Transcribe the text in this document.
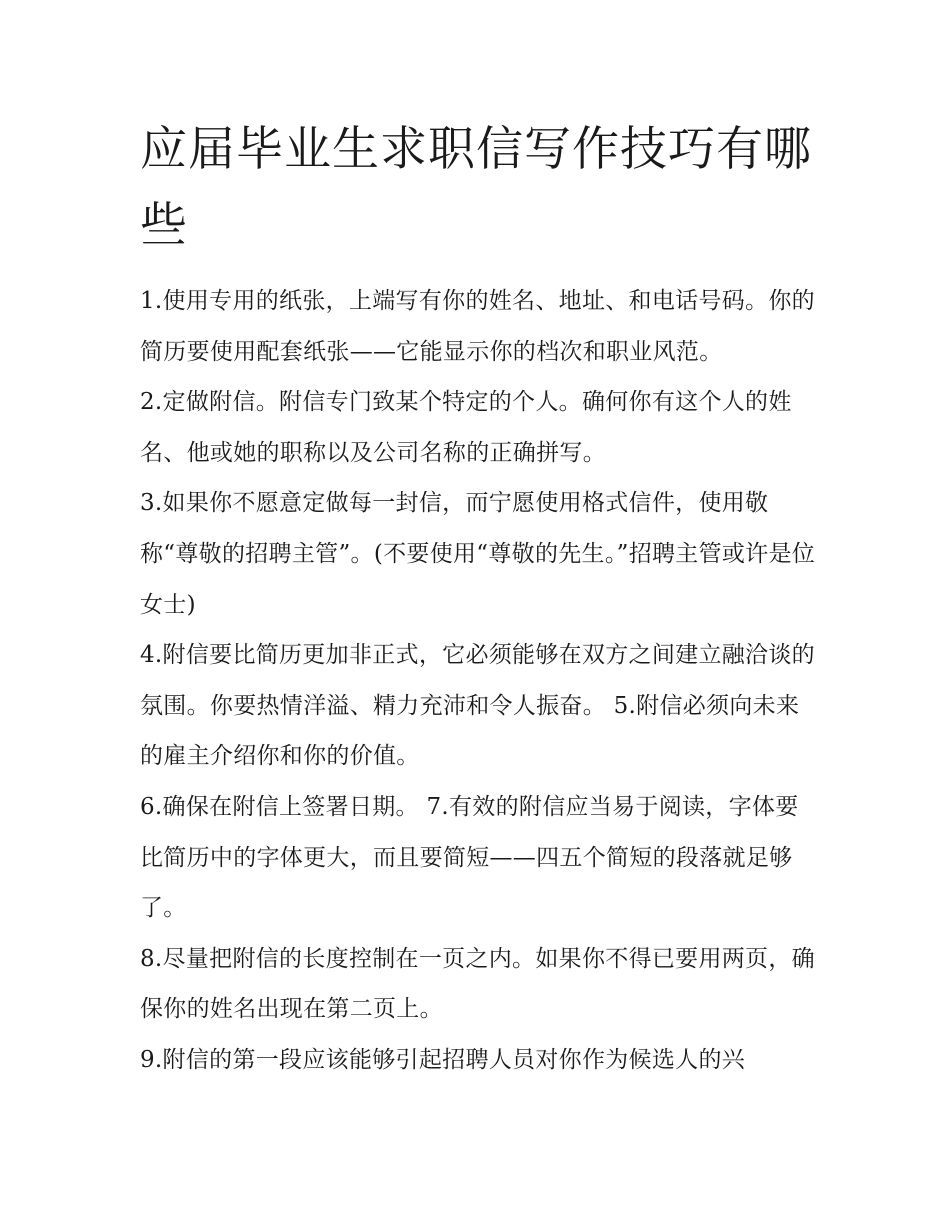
应届毕业生求职信写作技巧有哪些

1.使用专用的纸张，上端写有你的姓名、地址、和电话号码。你的简历要使用配套纸张——它能显示你的档次和职业风范。

2.定做附信。附信专门致某个特定的个人。确何你有这个人的姓名、他或她的职称以及公司名称的正确拼写。

3.如果你不愿意定做每一封信，而宁愿使用格式信件，使用敬称“尊敬的招聘主管”。(不要使用“尊敬的先生。”招聘主管或许是位女士)

4.附信要比简历更加非正式，它必须能够在双方之间建立融洽谈的氛围。你要热情洋溢、精力充沛和令人振奋。 5.附信必须向未来的雇主介绍你和你的价值。

6.确保在附信上签署日期。 7.有效的附信应当易于阅读，字体要比简历中的字体更大，而且要简短——四五个简短的段落就足够了。

8.尽量把附信的长度控制在一页之内。如果你不得已要用两页，确保你的姓名出现在第二页上。

9.附信的第一段应该能够引起招聘人员对你作为候选人的兴
